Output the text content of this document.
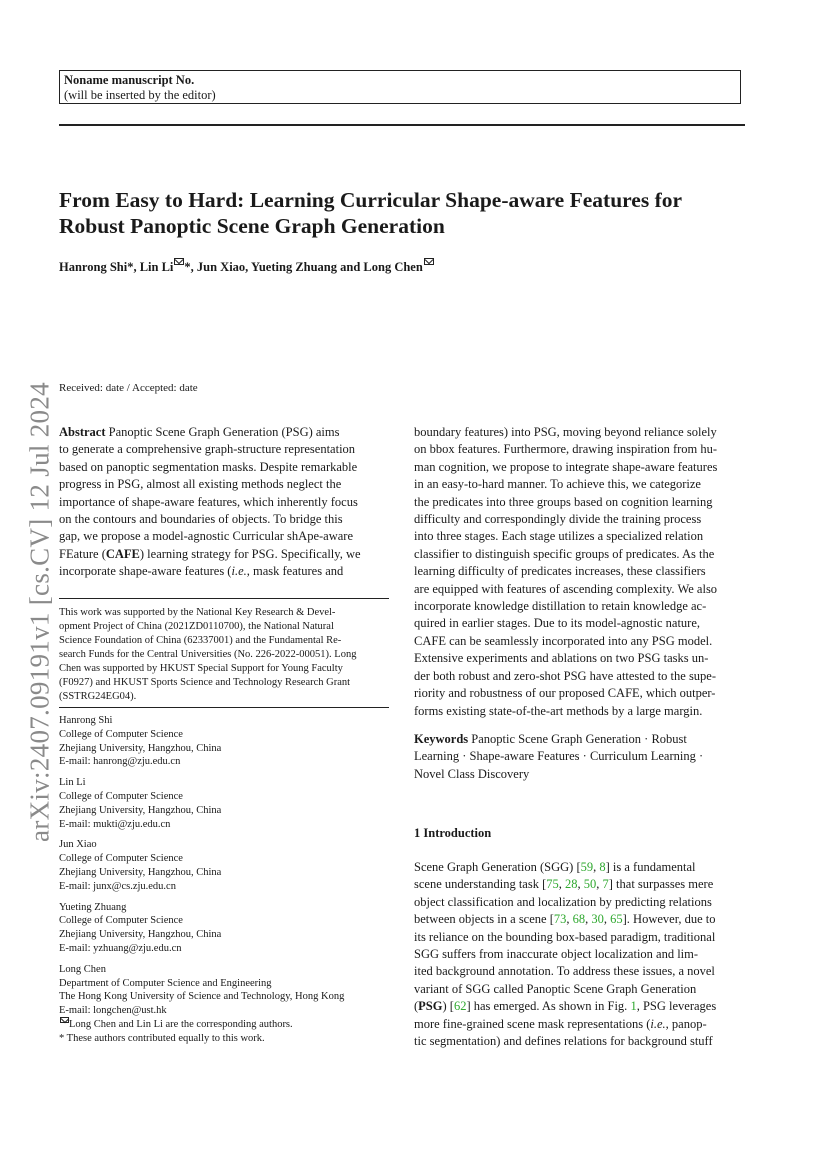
Noname manuscript No.
(will be inserted by the editor)
From Easy to Hard: Learning Curricular Shape-aware Features for
Robust Panoptic Scene Graph Generation
Hanrong Shi*, Lin Li *, Jun Xiao, Yueting Zhuang and Long Chen
arXiv:2407.09191v1 [cs.CV] 12 Jul 2024 Received: date / Accepted: date
Abstract Panoptic Scene Graph Generation (PSG) aims
to generate a comprehensive graph-structure representation
based on panoptic segmentation masks. Despite remarkable
progress in PSG, almost all existing methods neglect the
importance of shape-aware features, which inherently focus
on the contours and boundaries of objects. To bridge this
gap, we propose a model-agnostic Curricular shApe-aware
FEature (CAFE) learning strategy for PSG. Specifically, we
incorporate shape-aware features (i.e., mask features and
boundary features) into PSG, moving beyond reliance solely
on bbox features. Furthermore, drawing inspiration from hu-
man cognition, we propose to integrate shape-aware features
in an easy-to-hard manner. To achieve this, we categorize
the predicates into three groups based on cognition learning
difficulty and correspondingly divide the training process
into three stages. Each stage utilizes a specialized relation
classifier to distinguish specific groups of predicates. As the
learning difficulty of predicates increases, these classifiers
are equipped with features of ascending complexity. We also
incorporate knowledge distillation to retain knowledge ac-
quired in earlier stages. Due to its model-agnostic nature,
CAFE can be seamlessly incorporated into any PSG model.
Extensive experiments and ablations on two PSG tasks un-
der both robust and zero-shot PSG have attested to the supe-
riority and robustness of our proposed CAFE, which outper-
forms existing state-of-the-art methods by a large margin.
Keywords Panoptic Scene Graph Generation · Robust
Learning · Shape-aware Features · Curriculum Learning ·
Novel Class Discovery
1 Introduction
Scene Graph Generation (SGG) [59, 8] is a fundamental
scene understanding task [75, 28, 50, 7] that surpasses mere
object classification and localization by predicting relations
between objects in a scene [73, 68, 30, 65]. However, due to
its reliance on the bounding box-based paradigm, traditional
SGG suffers from inaccurate object localization and lim-
ited background annotation. To address these issues, a novel
variant of SGG called Panoptic Scene Graph Generation
(PSG) [62] has emerged. As shown in Fig. 1, PSG leverages
more fine-grained scene mask representations (i.e., panop-
tic segmentation) and defines relations for background stuff
This work was supported by the National Key Research & Devel-
opment Project of China (2021ZD0110700), the National Natural
Science Foundation of China (62337001) and the Fundamental Re-
search Funds for the Central Universities (No. 226-2022-00051). Long
Chen was supported by HKUST Special Support for Young Faculty
(F0927) and HKUST Sports Science and Technology Research Grant
(SSTRG24EG04).
Hanrong Shi
College of Computer Science
Zhejiang University, Hangzhou, China
E-mail: hanrong@zju.edu.cn
Lin Li
College of Computer Science
Zhejiang University, Hangzhou, China
E-mail: mukti@zju.edu.cn
Jun Xiao
College of Computer Science
Zhejiang University, Hangzhou, China
E-mail: junx@cs.zju.edu.cn
Yueting Zhuang
College of Computer Science
Zhejiang University, Hangzhou, China
E-mail: yzhuang@zju.edu.cn
Long Chen
Department of Computer Science and Engineering
The Hong Kong University of Science and Technology, Hong Kong
E-mail: longchen@ust.hk
Long Chen and Lin Li are the corresponding authors.
* These authors contributed equally to this work.
